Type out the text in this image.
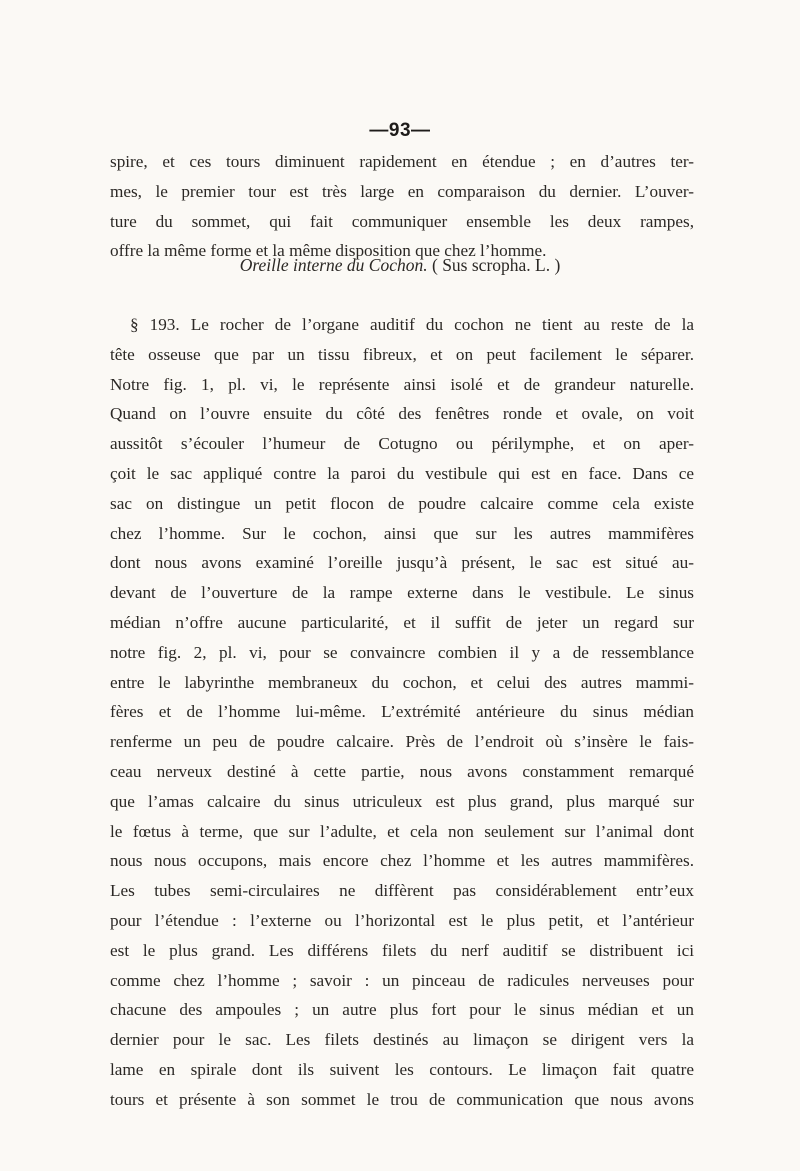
—93—
spire, et ces tours diminuent rapidement en étendue ; en d’autres ter-
mes, le premier tour est très large en comparaison du dernier. L’ouver-
ture du sommet, qui fait communiquer ensemble les deux rampes,
offre la même forme et la même disposition que chez l’homme.
Oreille interne du Cochon. ( Sus scropha. L. )
§ 193. Le rocher de l’organe auditif du cochon ne tient au reste de la
tête osseuse que par un tissu fibreux, et on peut facilement le séparer.
Notre fig. 1, pl. vi, le représente ainsi isolé et de grandeur naturelle.
Quand on l’ouvre ensuite du côté des fenêtres ronde et ovale, on voit
aussitôt s’écouler l’humeur de Cotugno ou périlymphe, et on aper-
çoit le sac appliqué contre la paroi du vestibule qui est en face. Dans ce
sac on distingue un petit flocon de poudre calcaire comme cela existe
chez l’homme. Sur le cochon, ainsi que sur les autres mammifères
dont nous avons examiné l’oreille jusqu’à présent, le sac est situé au-
devant de l’ouverture de la rampe externe dans le vestibule. Le sinus
médian n’offre aucune particularité, et il suffit de jeter un regard sur
notre fig. 2, pl. vi, pour se convaincre combien il y a de ressemblance
entre le labyrinthe membraneux du cochon, et celui des autres mammi-
fères et de l’homme lui-même. L’extrémité antérieure du sinus médian
renferme un peu de poudre calcaire. Près de l’endroit où s’insère le fais-
ceau nerveux destiné à cette partie, nous avons constamment remarqué
que l’amas calcaire du sinus utriculeux est plus grand, plus marqué sur
le fœtus à terme, que sur l’adulte, et cela non seulement sur l’animal dont
nous nous occupons, mais encore chez l’homme et les autres mammifères.
Les tubes semi-circulaires ne diffèrent pas considérablement entr’eux
pour l’étendue : l’externe ou l’horizontal est le plus petit, et l’antérieur
est le plus grand. Les différens filets du nerf auditif se distribuent ici
comme chez l’homme ; savoir : un pinceau de radicules nerveuses pour
chacune des ampoules ; un autre plus fort pour le sinus médian et un
dernier pour le sac. Les filets destinés au limaçon se dirigent vers la
lame en spirale dont ils suivent les contours. Le limaçon fait quatre
tours et présente à son sommet le trou de communication que nous avons
